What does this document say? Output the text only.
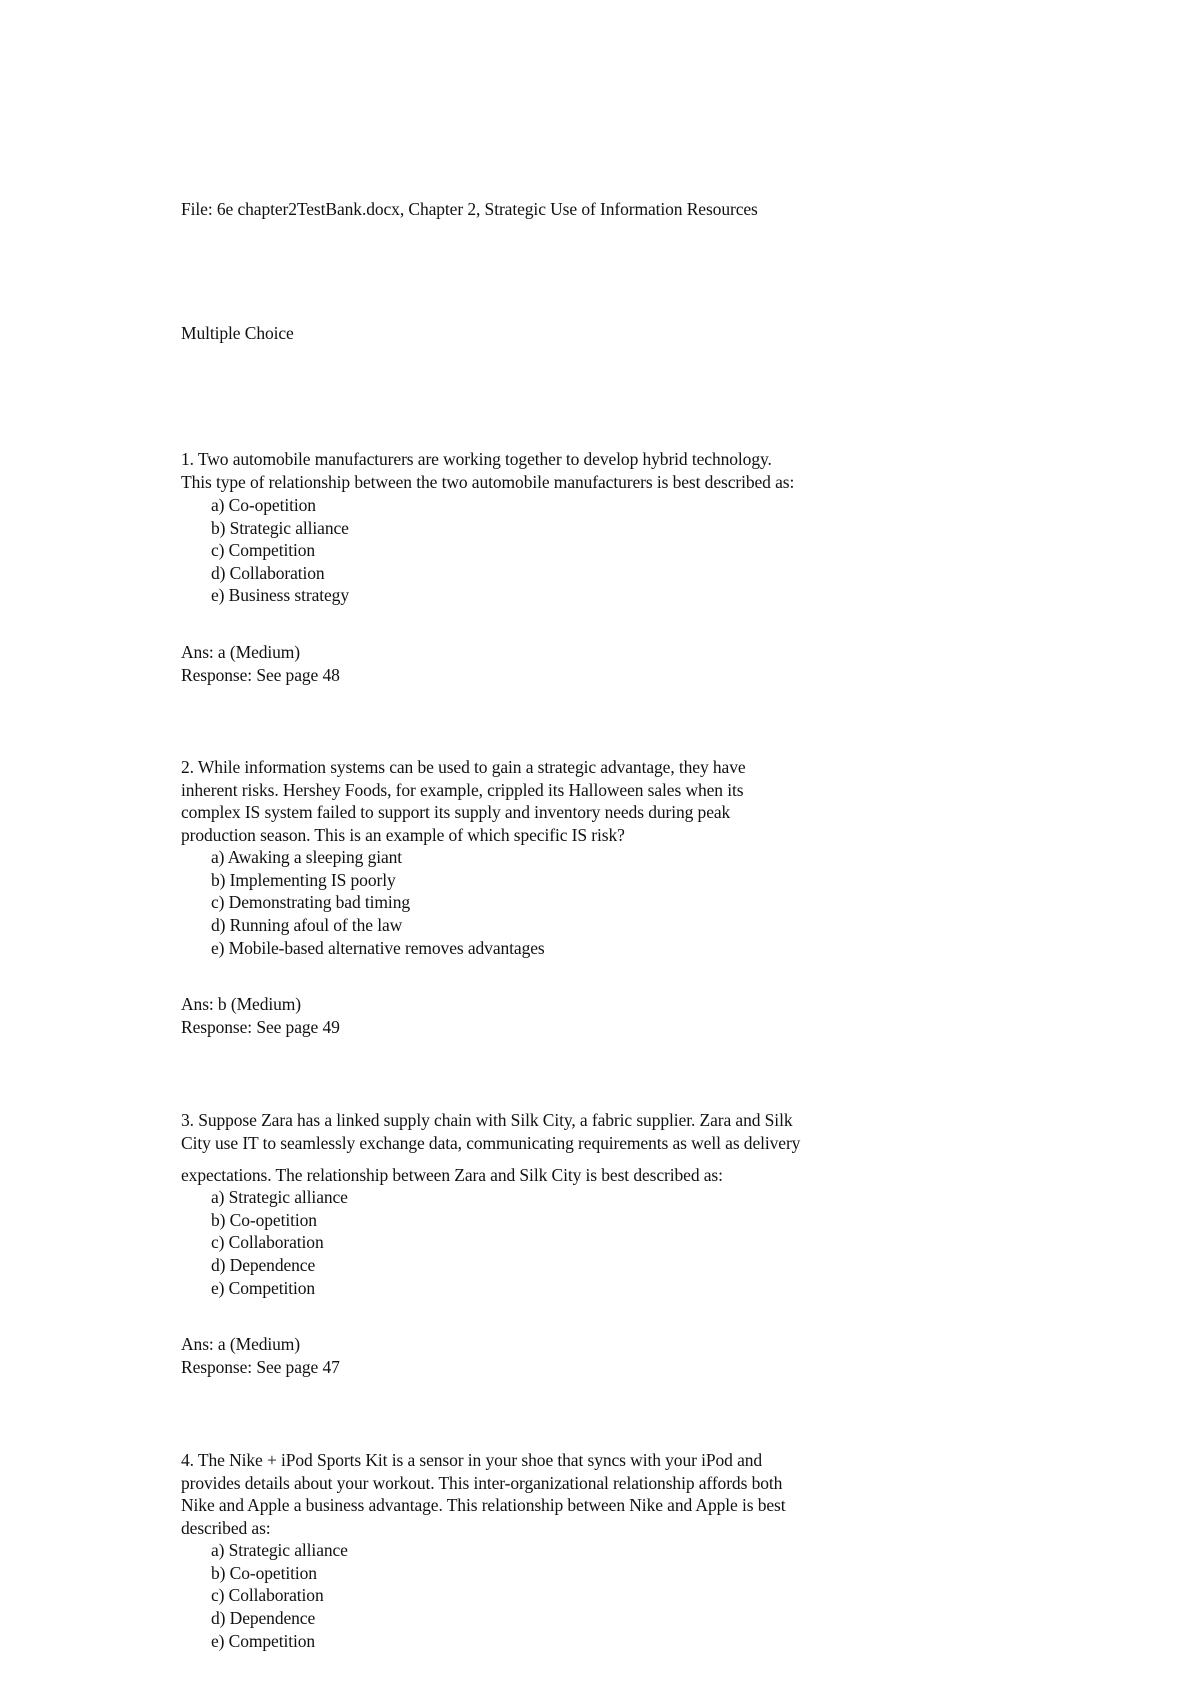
File: 6e chapter2TestBank.docx, Chapter 2, Strategic Use of Information Resources
Multiple Choice
1. Two automobile manufacturers are working together to develop hybrid technology.
This type of relationship between the two automobile manufacturers is best described as:
a) Co-opetition
b) Strategic alliance
c) Competition
d) Collaboration
e) Business strategy
Ans: a (Medium)
Response: See page 48
2. While information systems can be used to gain a strategic advantage, they have
inherent risks. Hershey Foods, for example, crippled its Halloween sales when its
complex IS system failed to support its supply and inventory needs during peak
production season. This is an example of which specific IS risk?
a) Awaking a sleeping giant
b) Implementing IS poorly
c) Demonstrating bad timing
d) Running afoul of the law
e) Mobile-based alternative removes advantages
Ans: b (Medium)
Response: See page 49
3. Suppose Zara has a linked supply chain with Silk City, a fabric supplier. Zara and Silk
City use IT to seamlessly exchange data, communicating requirements as well as delivery
expectations. The relationship between Zara and Silk City is best described as:
a) Strategic alliance
b) Co-opetition
c) Collaboration
d) Dependence
e) Competition
Ans: a (Medium)
Response: See page 47
4. The Nike + iPod Sports Kit is a sensor in your shoe that syncs with your iPod and
provides details about your workout. This inter-organizational relationship affords both
Nike and Apple a business advantage. This relationship between Nike and Apple is best
described as:
a) Strategic alliance
b) Co-opetition
c) Collaboration
d) Dependence
e) Competition
